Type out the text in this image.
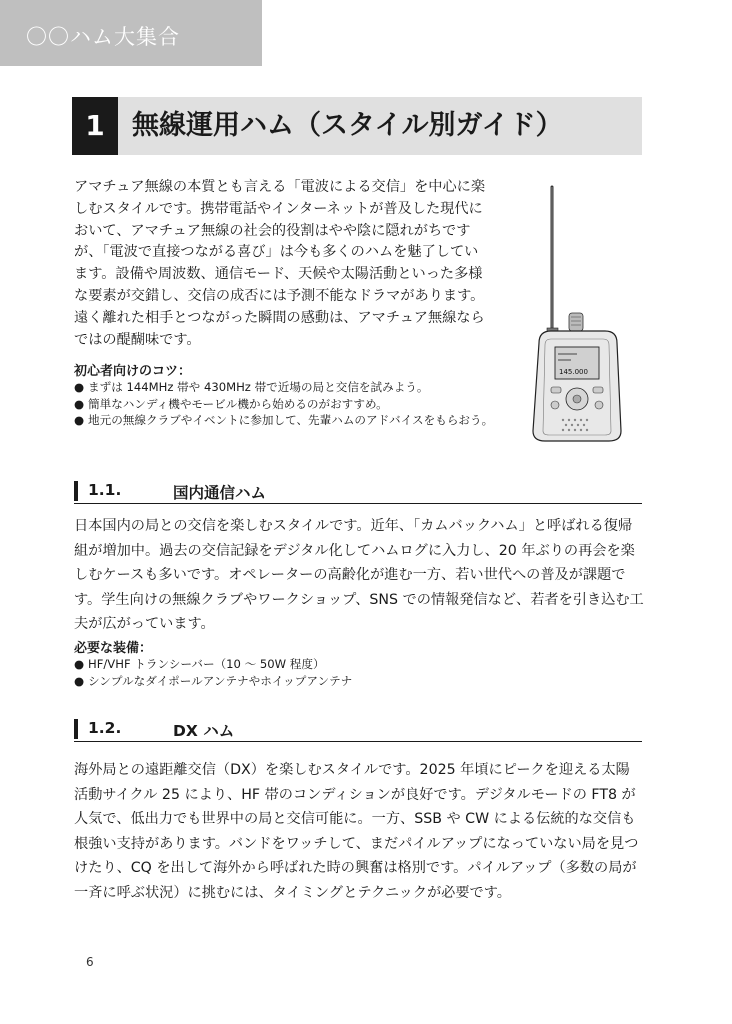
〇〇ハム大集合
1	無線運用ハム（スタイル別ガイド）

アマチュア無線の本質とも言える「電波による交信」を中心に楽しむスタイルです。携帯電話やインターネットが普及した現代において、アマチュア無線の社会的役割はやや陰に隠れがちですが、「電波で直接つながる喜び」は今も多くのハムを魅了しています。設備や周波数、通信モード、天候や太陽活動といった多様な要素が交錯し、交信の成否には予測不能なドラマがあります。遠く離れた相手とつながった瞬間の感動は、アマチュア無線ならではの醍醐味です。

初心者向けのコツ：
● まずは 144MHz 帯や 430MHz 帯で近場の局と交信を試みよう。
● 簡単なハンディ機やモービル機から始めるのがおすすめ。
● 地元の無線クラブやイベントに参加して、先輩ハムのアドバイスをもらおう。
145.000
1.1.	国内通信ハム

日本国内の局との交信を楽しむスタイルです。近年、「カムバックハム」と呼ばれる復帰組が増加中。過去の交信記録をデジタル化してハムログに入力し、20 年ぶりの再会を楽しむケースも多いです。オペレーターの高齢化が進む一方、若い世代への普及が課題です。学生向けの無線クラブやワークショップ、SNS での情報発信など、若者を引き込む工夫が広がっています。

必要な装備：
● HF/VHF トランシーバー（10 ～ 50W 程度）
● シンプルなダイポールアンテナやホイップアンテナ
1.2.	DX ハム

海外局との遠距離交信（DX）を楽しむスタイルです。2025 年頃にピークを迎える太陽活動サイクル 25 により、HF 帯のコンディションが良好です。デジタルモードの FT8 が人気で、低出力でも世界中の局と交信可能に。一方、SSB や CW による伝統的な交信も根強い支持があります。バンドをワッチして、まだパイルアップになっていない局を見つけたり、CQ を出して海外から呼ばれた時の興奮は格別です。パイルアップ（多数の局が一斉に呼ぶ状況）に挑むには、タイミングとテクニックが必要です。

6
